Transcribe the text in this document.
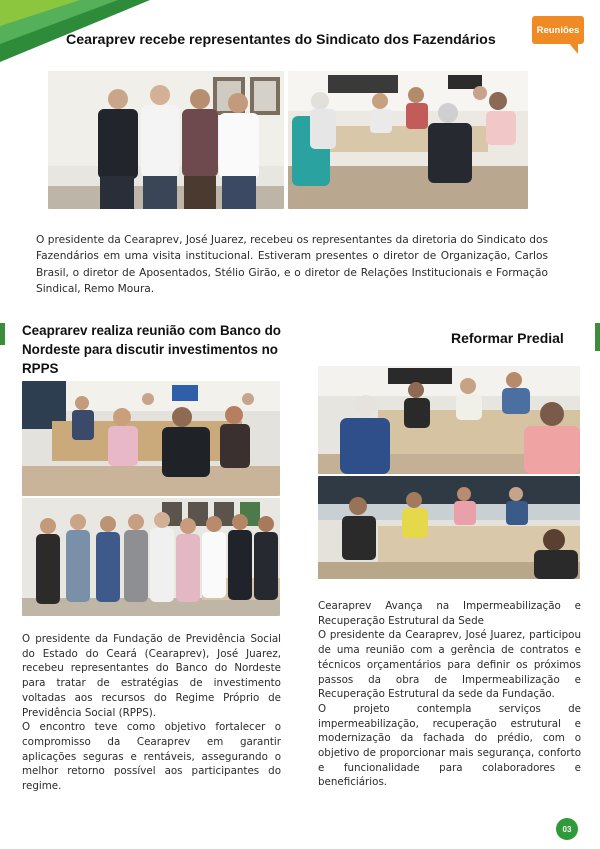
Reuniões
Cearaprev recebe representantes do Sindicato dos Fazendários
O presidente da Cearaprev, José Juarez, recebeu os representantes da diretoria do Sindicato dos Fazendários em uma visita institucional. Estiveram presentes o diretor de Organização, Carlos Brasil, o diretor de Aposentados, Stélio Girão, e o diretor de Relações Institucionais e Formação Sindical, Remo Moura.
Ceaprarev realiza reunião com Banco do Nordeste para discutir investimentos no RPPS

O presidente da Fundação de Previdência Social do Estado do Ceará (Cearaprev), José Juarez, recebeu representantes do Banco do Nordeste para tratar de estratégias de investimento voltadas aos recursos do Regime Próprio de Previdência Social (RPPS).

O encontro teve como objetivo fortalecer o compromisso da Cearaprev em garantir aplicações seguras e rentáveis, assegurando o melhor retorno possível aos participantes do regime.

Reformar Predial
Cearaprev Avança na Impermeabilização e Recuperação Estrutural da Sede
O presidente da Cearaprev, José Juarez, participou de uma reunião com a gerência de contratos e técnicos orçamentários para definir os próximos passos da obra de Impermeabilização e Recuperação Estrutural da sede da Fundação.
O projeto contempla serviços de impermeabilização, recuperação estrutural e modernização da fachada do prédio, com o objetivo de proporcionar mais segurança, conforto e funcionalidade para colaboradores e beneficiários.
03
